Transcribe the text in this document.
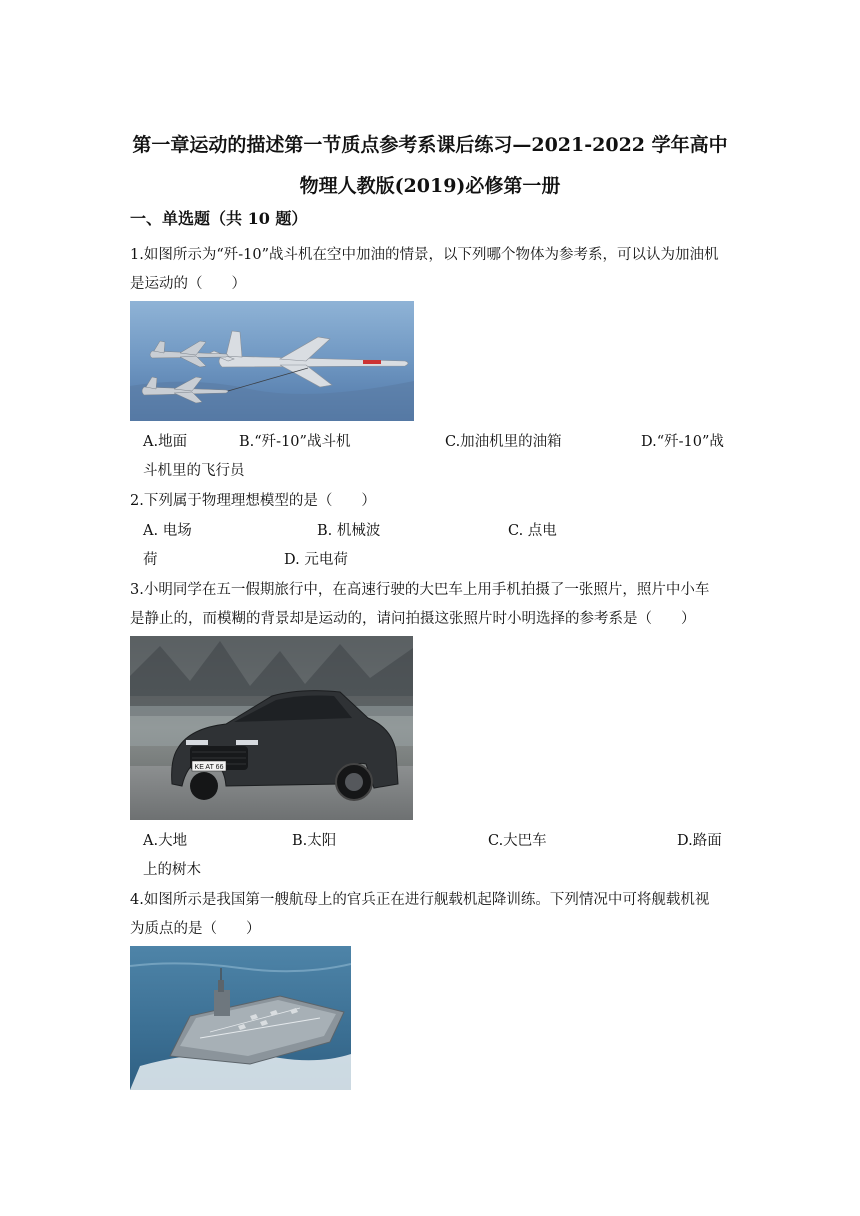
第一章运动的描述第一节质点参考系课后练习—2021-2022 学年高中
物理人教版(2019)必修第一册
一、单选题（共 10 题）
1.如图所示为“歼-10”战斗机在空中加油的情景，以下列哪个物体为参考系，可以认为加油机
是运动的（　　）
A.地面	B.“歼-10”战斗机	C.加油机里的油箱	D.“歼-10”战
斗机里的飞行员
2.下列属于物理理想模型的是（　　）
A. 电场	B. 机械波	C. 点电
荷	D. 元电荷
3.小明同学在五一假期旅行中，在高速行驶的大巴车上用手机拍摄了一张照片，照片中小车
是静止的，而模糊的背景却是运动的，请问拍摄这张照片时小明选择的参考系是（　　）
KE AT 66
A.大地	B.太阳	C.大巴车	D.路面
上的树木
4.如图所示是我国第一艘航母上的官兵正在进行舰载机起降训练。下列情况中可将舰载机视
为质点的是（　　）
